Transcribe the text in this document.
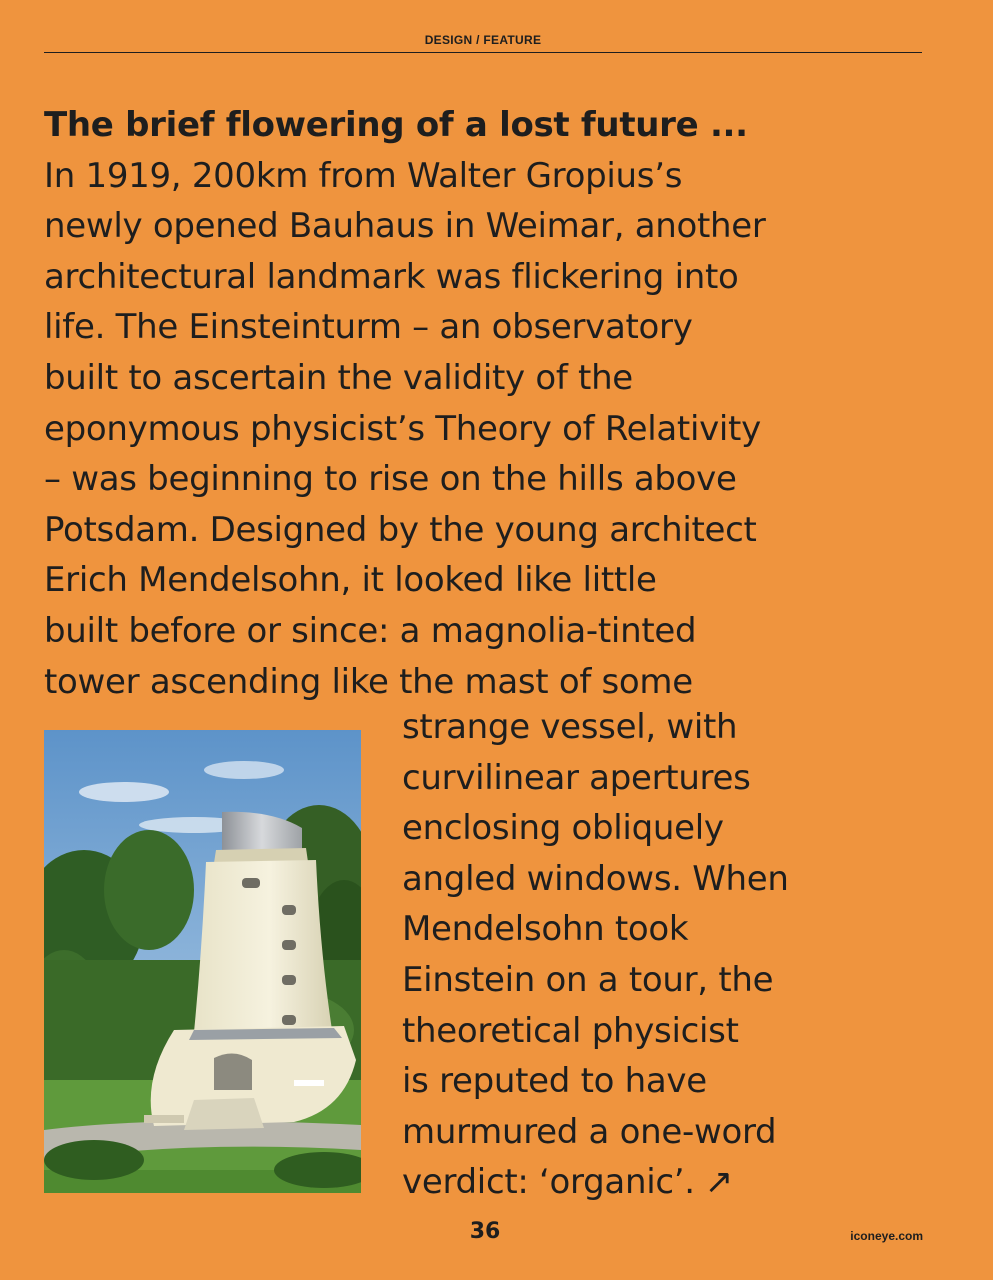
DESIGN / FEATURE
The brief flowering of a lost future ...
In 1919, 200km from Walter Gropius’s
newly opened Bauhaus in Weimar, another
architectural landmark was flickering into
life. The Einsteinturm – an observatory
built to ascertain the validity of the
eponymous physicist’s Theory of Relativity
– was beginning to rise on the hills above
Potsdam. Designed by the young architect
Erich Mendelsohn, it looked like little
built before or since: a magnolia-tinted
tower ascending like the mast of some
strange vessel, with
curvilinear apertures
enclosing obliquely
angled windows. When
Mendelsohn took
Einstein on a tour, the
theoretical physicist
is reputed to have
murmured a one-word
verdict: ‘organic’. ↗
36	iconeye.com
